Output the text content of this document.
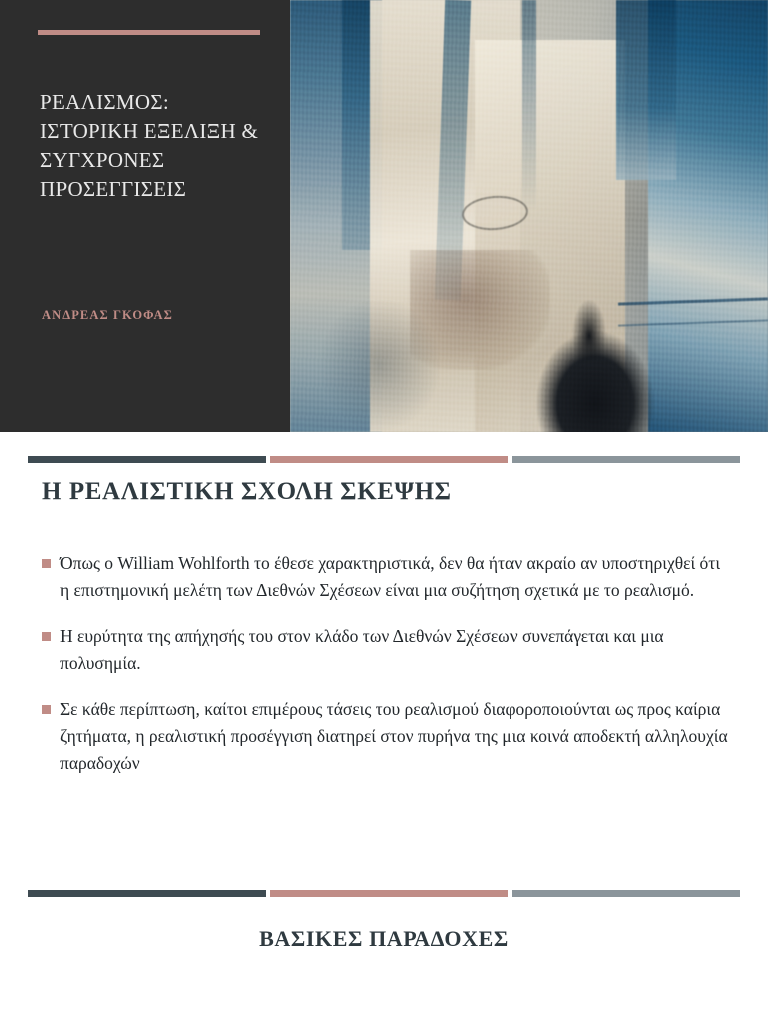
ΡΕΑΛΙΣΜΟΣ: ΙΣΤΟΡΙΚΗ ΕΞΕΛΙΞΗ & ΣΥΓΧΡΟΝΕΣ ΠΡΟΣΕΓΓΙΣΕΙΣ
ΑΝΔΡΕΑΣ ΓΚΟΦΑΣ
Η ΡΕΑΛΙΣΤΙΚΗ ΣΧΟΛΗ ΣΚΕΨΗΣ
Όπως ο William Wohlforth το έθεσε χαρακτηριστικά, δεν θα ήταν ακραίο αν υποστηριχθεί ότι η επιστημονική μελέτη των Διεθνών Σχέσεων είναι μια συζήτηση σχετικά με το ρεαλισμό.
Η ευρύτητα της απήχησής του στον κλάδο των Διεθνών Σχέσεων συνεπάγεται και μια πολυσημία.
Σε κάθε περίπτωση, καίτοι επιμέρους τάσεις του ρεαλισμού διαφοροποιούνται ως προς καίρια ζητήματα, η ρεαλιστική προσέγγιση διατηρεί στον πυρήνα της μια κοινά αποδεκτή αλληλουχία παραδοχών
ΒΑΣΙΚΕΣ ΠΑΡΑΔΟΧΕΣ
